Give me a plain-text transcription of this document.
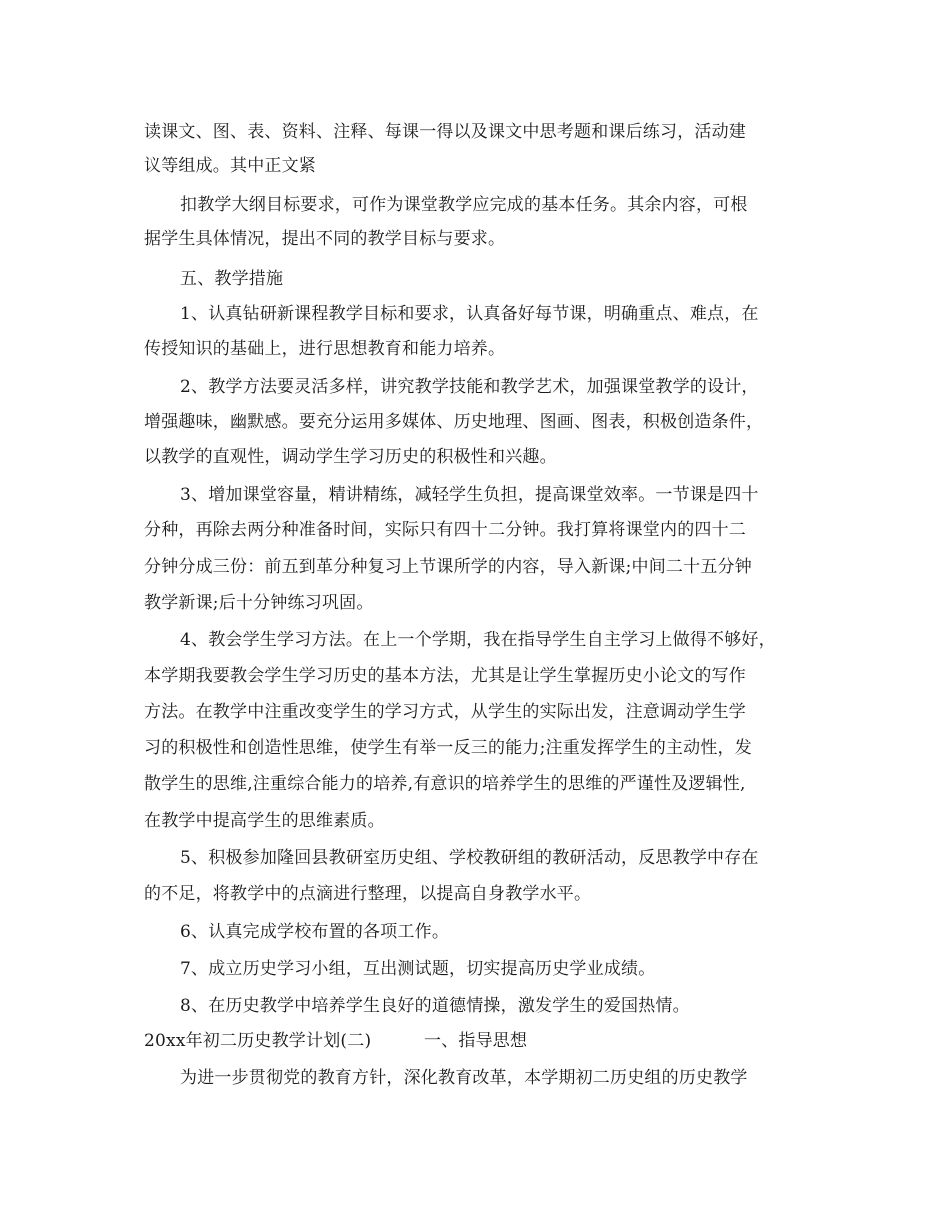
读课文、图、表、资料、注释、每课一得以及课文中思考题和课后练习，活动建
议等组成。其中正文紧
扣教学大纲目标要求，可作为课堂教学应完成的基本任务。其余内容，可根
据学生具体情况，提出不同的教学目标与要求。
五、教学措施
1、认真钻研新课程教学目标和要求，认真备好每节课，明确重点、难点，在
传授知识的基础上，进行思想教育和能力培养。
2、教学方法要灵活多样，讲究教学技能和教学艺术，加强课堂教学的设计，
增强趣味，幽默感。要充分运用多媒体、历史地理、图画、图表，积极创造条件，
以教学的直观性，调动学生学习历史的积极性和兴趣。
3、增加课堂容量，精讲精练，减轻学生负担，提高课堂效率。一节课是四十
分种，再除去两分种准备时间，实际只有四十二分钟。我打算将课堂内的四十二
分钟分成三份：前五到革分种复习上节课所学的内容，导入新课;中间二十五分钟
教学新课;后十分钟练习巩固。
4、教会学生学习方法。在上一个学期，我在指导学生自主学习上做得不够好，
本学期我要教会学生学习历史的基本方法，尤其是让学生掌握历史小论文的写作
方法。在教学中注重改变学生的学习方式，从学生的实际出发，注意调动学生学
习的积极性和创造性思维，使学生有举一反三的能力;注重发挥学生的主动性，发
散学生的思维,注重综合能力的培养,有意识的培养学生的思维的严谨性及逻辑性,
在教学中提高学生的思维素质。
5、积极参加隆回县教研室历史组、学校教研组的教研活动，反思教学中存在
的不足，将教学中的点滴进行整理，以提高自身教学水平。
6、认真完成学校布置的各项工作。
7、成立历史学习小组，互出测试题，切实提高历史学业成绩。
8、在历史教学中培养学生良好的道德情操，激发学生的爱国热情。
20xx年初二历史教学计划(二)	一、指导思想
为进一步贯彻党的教育方针，深化教育改革，本学期初二历史组的历史教学
